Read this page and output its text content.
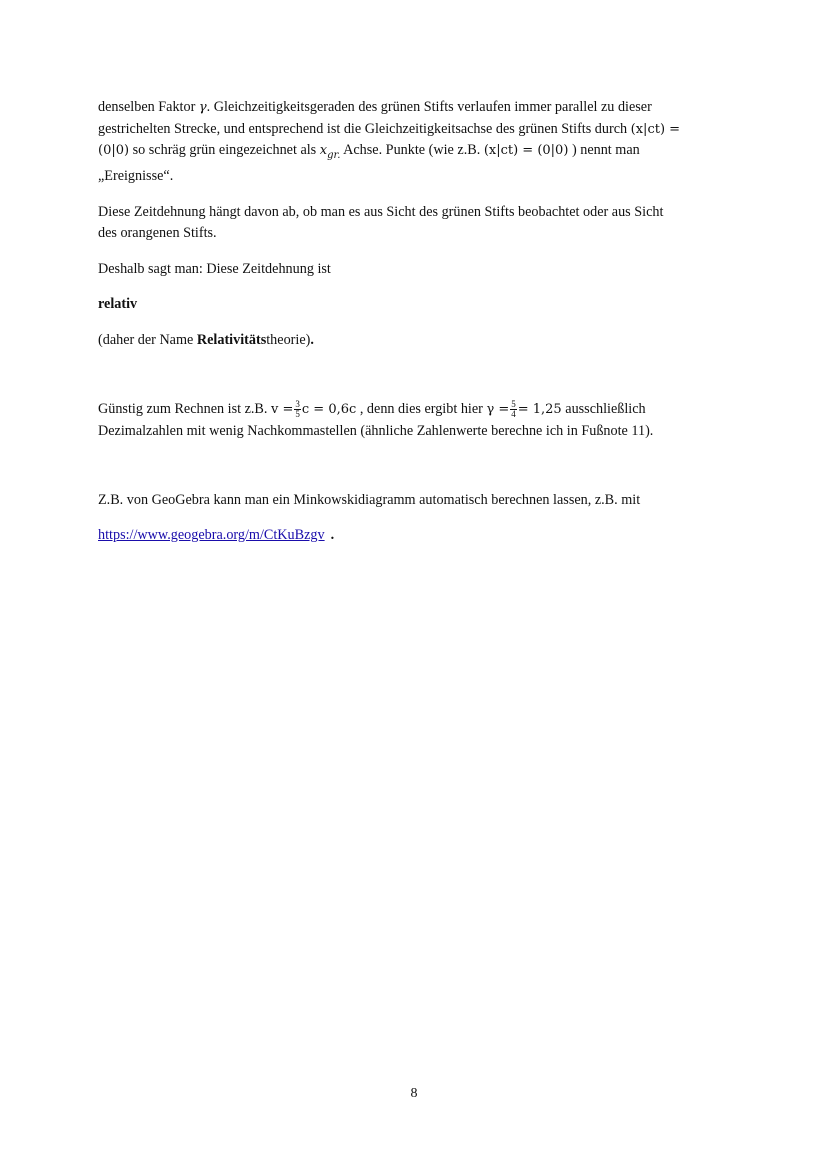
denselben Faktor γ. Gleichzeitigkeitsgeraden des grünen Stifts verlaufen immer parallel zu dieser
gestrichelten Strecke, und entsprechend ist die Gleichzeitigkeitsachse des grünen Stifts durch (x|ct) =
(0|0) so schräg grün eingezeichnet als $x_{gr.}$ Achse. Punkte (wie z.B. (x|ct) = (0|0) ) nennt man
„Ereignisse“.

Diese Zeitdehnung hängt davon ab, ob man es aus Sicht des grünen Stifts beobachtet oder aus Sicht
des orangenen Stifts.

Deshalb sagt man: Diese Zeitdehnung ist

relativ

(daher der Name Relativitätstheorie).

Günstig zum Rechnen ist z.B. $v = \frac{3}{5}$ c = 0,6c , denn dies ergibt hier $\gamma = \frac{5}{4} = 1,25$ ausschließlich
Dezimalzahlen mit wenig Nachkommastellen (ähnliche Zahlenwerte berechne ich in Fußnote 11).

Z.B. von GeoGebra kann man ein Minkowskidiagramm automatisch berechnen lassen, z.B. mit

https://www.geogebra.org/m/CtKuBzgv .

8
